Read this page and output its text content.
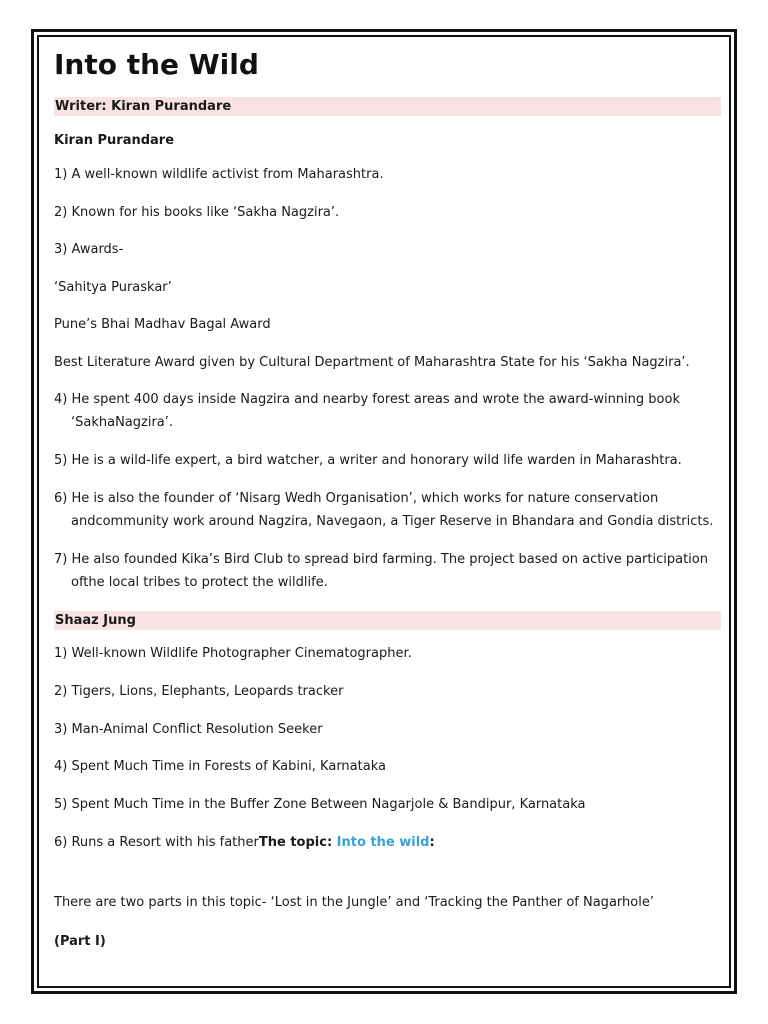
Into the Wild
Writer: Kiran Purandare
Kiran Purandare
1) A well-known wildlife activist from Maharashtra.
2) Known for his books like ‘Sakha Nagzira’.
3) Awards-
‘Sahitya Puraskar’
Pune’s Bhai Madhav Bagal Award
Best Literature Award given by Cultural Department of Maharashtra State for his ‘Sakha Nagzira’.
4) He spent 400 days inside Nagzira and nearby forest areas and wrote the award-winning book ‘SakhaNagzira’.
5) He is a wild-life expert, a bird watcher, a writer and honorary wild life warden in Maharashtra.
6) He is also the founder of ‘Nisarg Wedh Organisation’, which works for nature conservation andcommunity work around Nagzira, Navegaon, a Tiger Reserve in Bhandara and Gondia districts.
7) He also founded Kika’s Bird Club to spread bird farming. The project based on active participation ofthe local tribes to protect the wildlife.
Shaaz Jung
1) Well-known Wildlife Photographer Cinematographer.
2) Tigers, Lions, Elephants, Leopards tracker
3) Man-Animal Conflict Resolution Seeker
4) Spent Much Time in Forests of Kabini, Karnataka
5) Spent Much Time in the Buffer Zone Between Nagarjole & Bandipur, Karnataka
6) Runs a Resort with his fatherThe topic: Into the wild:
There are two parts in this topic- ‘Lost in the Jungle’ and ‘Tracking the Panther of Nagarhole’
(Part I)
